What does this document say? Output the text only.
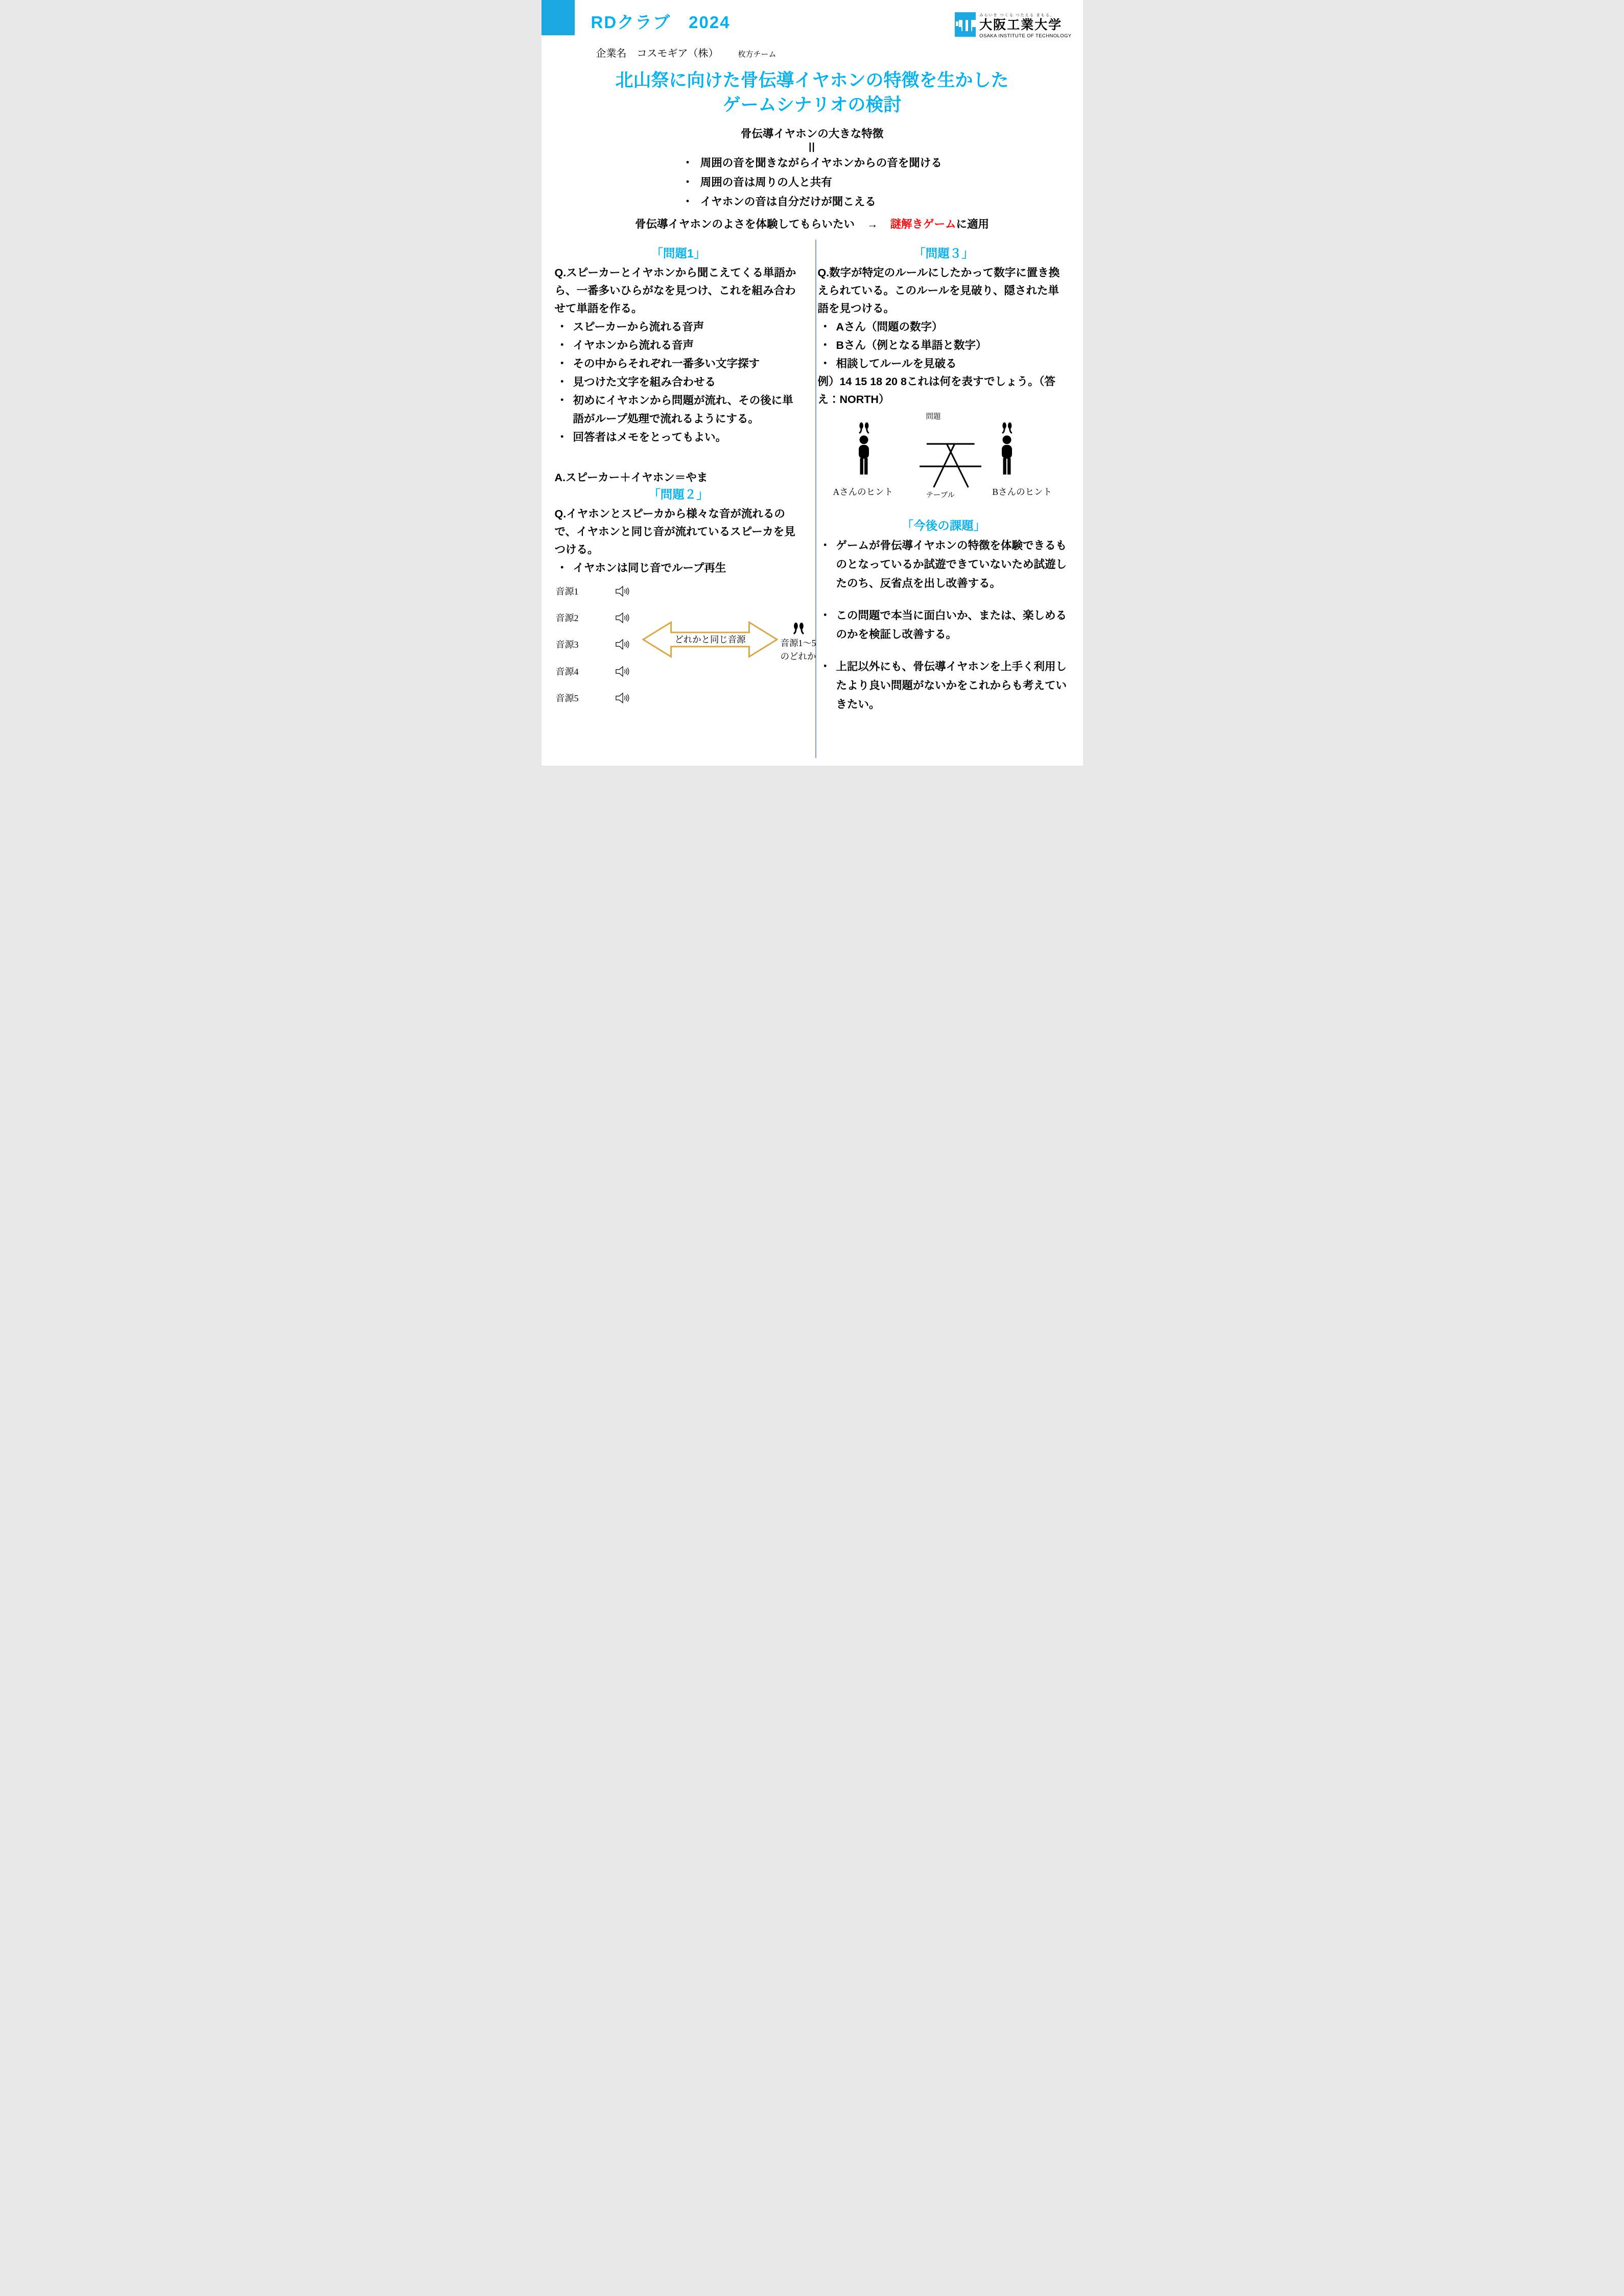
RDクラブ　2024
企業名　コスモギア（株）	枚方チーム
みらいを つくる つたえる まもる。
大阪工業大学
OSAKA INSTITUTE OF TECHNOLOGY
北山祭に向けた骨伝導イヤホンの特徴を生かした
ゲームシナリオの検討
骨伝導イヤホンの大きな特徴
||
・ 周囲の音を聞きながらイヤホンからの音を聞ける
・ 周囲の音は周りの人と共有
・ イヤホンの音は自分だけが聞こえる
骨伝導イヤホンのよさを体験してもらいたい → 謎解きゲームに適用
「問題1」

Q.スピーカーとイヤホンから聞こえてくる単語から、一番多いひらがなを見つけ、これを組み合わせて単語を作る。

・ スピーカーから流れる音声
・ イヤホンから流れる音声
・ その中からそれぞれ一番多い文字探す
・ 見つけた文字を組み合わせる
・ 初めにイヤホンから問題が流れ、その後に単語がループ処理で流れるようにする。
・ 回答者はメモをとってもよい。
A.スピーカー＋イヤホン＝やま
「問題２」

Q.イヤホンとスピーカから様々な音が流れるので、イヤホンと同じ音が流れているスピーカを見つける。

・ イヤホンは同じ音でループ再生
音源1
音源2
音源3
音源4
音源5
どれかと同じ音源	音源1～5
のどれか
「問題３」

Q.数字が特定のルールにしたかって数字に置き換えられている。このルールを見破り、隠された単語を見つける。

・ Aさん（問題の数字）
・ Bさん（例となる単語と数字）
・ 相談してルールを見破る

例）14 15 18 20 8これは何を表すでしょう。（答え：NORTH）

問題
Aさんのヒント	テーブル	Bさんのヒント
「今後の課題」
・ ゲームが骨伝導イヤホンの特徴を体験できるものとなっているか試遊できていないため試遊したのち、反省点を出し改善する。
・ この問題で本当に面白いか、または、楽しめるのかを検証し改善する。
・ 上記以外にも、骨伝導イヤホンを上手く利用したより良い問題がないかをこれからも考えていきたい。
